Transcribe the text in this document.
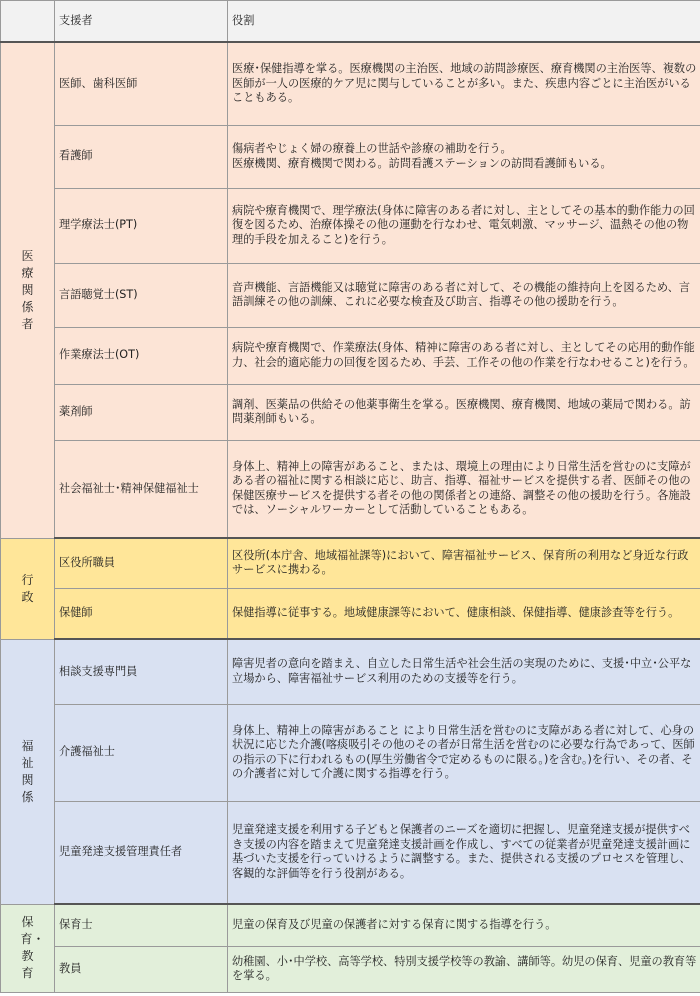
	支援者	役割
医療関係者	医師、歯科医師	医療･保健指導を掌る。医療機関の主治医、地域の訪問診療医、療育機関の主治医等、複数の医師が一人の医療的ケア児に関与していることが多い。また、疾患内容ごとに主治医がいることもある。
	看護師	傷病者やじょく婦の療養上の世話や診療の補助を行う。
医療機関、療育機関で関わる。訪問看護ステーションの訪問看護師もいる。
	理学療法士(PT)	病院や療育機関で、理学療法(身体に障害のある者に対し、主としてその基本的動作能力の回復を図るため、治療体操その他の運動を行なわせ、電気刺激、マッサージ、温熱その他の物理的手段を加えること)を行う。
	言語聴覚士(ST)	音声機能、言語機能又は聴覚に障害のある者に対して、その機能の維持向上を図るため、言語訓練その他の訓練、これに必要な検査及び助言、指導その他の援助を行う。
	作業療法士(OT)	病院や療育機関で、作業療法(身体、精神に障害のある者に対し、主としてその応用的動作能力、社会的適応能力の回復を図るため、手芸、工作その他の作業を行なわせること)を行う。
	薬剤師	調剤、医薬品の供給その他薬事衛生を掌る。医療機関、療育機関、地域の薬局で関わる。訪問薬剤師もいる。
	社会福祉士･精神保健福祉士	身体上、精神上の障害があること、または、環境上の理由により日常生活を営むのに支障がある者の福祉に関する相談に応じ、助言、指導、福祉サービスを提供する者、医師その他の保健医療サービスを提供する者その他の関係者との連絡、調整その他の援助を行う。各施設では、ソーシャルワーカーとして活動していることもある。
行政	区役所職員	区役所(本庁舎、地域福祉課等)において、障害福祉サービス、保育所の利用など身近な行政サービスに携わる。
	保健師	保健指導に従事する。地域健康課等において、健康相談、保健指導、健康診査等を行う。
福祉関係	相談支援専門員	障害児者の意向を踏まえ、自立した日常生活や社会生活の実現のために、支援･中立･公平な立場から、障害福祉サービス利用のための支援等を行う。
	介護福祉士	身体上、精神上の障害があること により日常生活を営むのに支障がある者に対して、心身の状況に応じた介護(喀痰吸引その他のその者が日常生活を営むのに必要な行為であって、医師の指示の下に行われるもの(厚生労働省令で定めるものに限る。)を含む。)を行い、その者、その介護者に対して介護に関する指導を行う。
	児童発達支援管理責任者	児童発達支援を利用する子どもと保護者のニーズを適切に把握し、児童発達支援が提供すべき支援の内容を踏まえて児童発達支援計画を作成し、すべての従業者が児童発達支援計画に基づいた支援を行っていけるように調整する。また、提供される支援のプロセスを管理し、客観的な評価等を行う役割がある。
保育・教育	保育士	児童の保育及び児童の保護者に対する保育に関する指導を行う。
	教員	幼稚園、小･中学校、高等学校、特別支援学校等の教諭、講師等。幼児の保育、児童の教育等を掌る。
